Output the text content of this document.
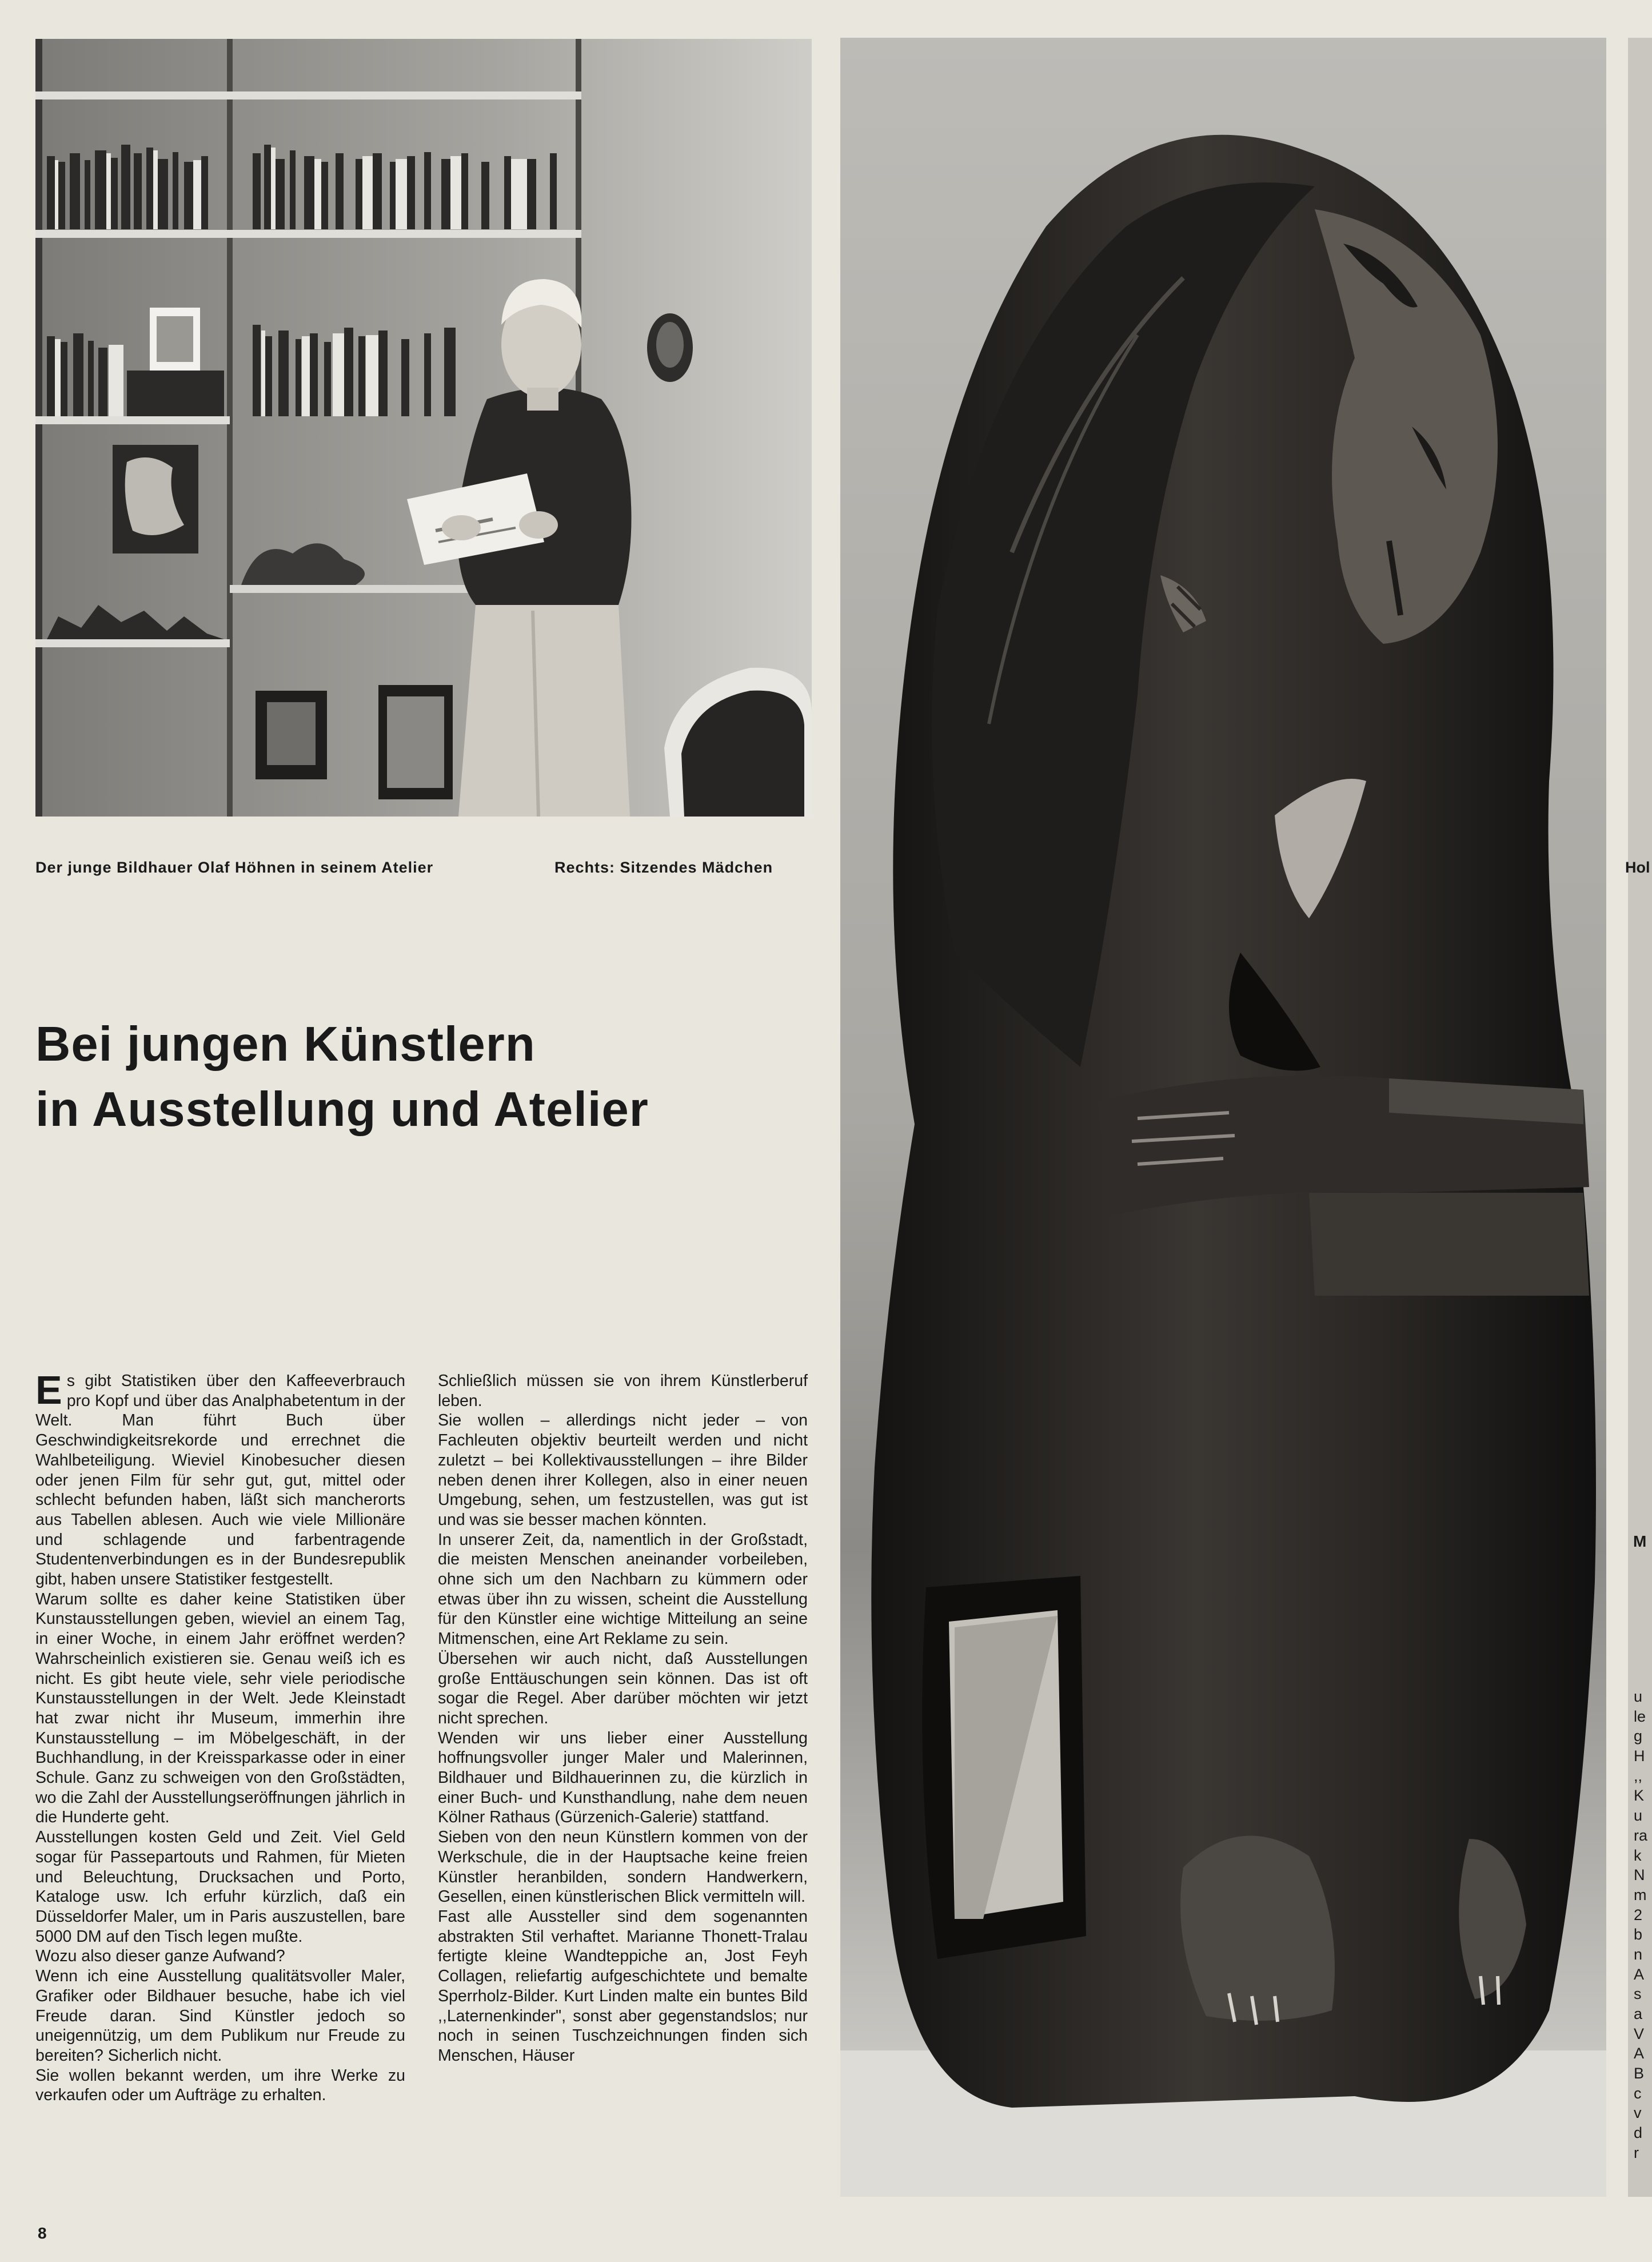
Der junge Bildhauer Olaf Höhnen in seinem Atelier	Rechts: Sitzendes Mädchen
Bei jungen Künstlern
in Ausstellung und Atelier

Es gibt Statistiken über den Kaffeeverbrauch pro Kopf und über das Analphabetentum in der Welt. Man führt Buch über Geschwindigkeitsrekorde und errechnet die Wahlbeteiligung. Wieviel Kinobesucher diesen oder jenen Film für sehr gut, gut, mittel oder schlecht befunden haben, läßt sich mancherorts aus Tabellen ablesen. Auch wie viele Millionäre und schlagende und farbentragende Studentenverbindungen es in der Bundesrepublik gibt, haben unsere Statistiker festgestellt.

Warum sollte es daher keine Statistiken über Kunstausstellungen geben, wieviel an einem Tag, in einer Woche, in einem Jahr eröffnet werden? Wahrscheinlich existieren sie. Genau weiß ich es nicht. Es gibt heute viele, sehr viele periodische Kunstausstellungen in der Welt. Jede Kleinstadt hat zwar nicht ihr Museum, immerhin ihre Kunstausstellung – im Möbelgeschäft, in der Buchhandlung, in der Kreissparkasse oder in einer Schule. Ganz zu schweigen von den Großstädten, wo die Zahl der Ausstellungseröffnungen jährlich in die Hunderte geht.

Ausstellungen kosten Geld und Zeit. Viel Geld sogar für Passepartouts und Rahmen, für Mieten und Beleuchtung, Drucksachen und Porto, Kataloge usw. Ich erfuhr kürzlich, daß ein Düsseldorfer Maler, um in Paris auszustellen, bare 5000 DM auf den Tisch legen mußte.

Wozu also dieser ganze Aufwand?

Wenn ich eine Ausstellung qualitätsvoller Maler, Grafiker oder Bildhauer besuche, habe ich viel Freude daran. Sind Künstler jedoch so uneigennützig, um dem Publikum nur Freude zu bereiten? Sicherlich nicht.

Sie wollen bekannt werden, um ihre Werke zu verkaufen oder um Aufträge zu erhalten.

Schließlich müssen sie von ihrem Künstlerberuf leben.

Sie wollen – allerdings nicht jeder – von Fachleuten objektiv beurteilt werden und nicht zuletzt – bei Kollektivausstellungen – ihre Bilder neben denen ihrer Kollegen, also in einer neuen Umgebung, sehen, um festzustellen, was gut ist und was sie besser machen könnten.

In unserer Zeit, da, namentlich in der Großstadt, die meisten Menschen aneinander vorbeileben, ohne sich um den Nachbarn zu kümmern oder etwas über ihn zu wissen, scheint die Ausstellung für den Künstler eine wichtige Mitteilung an seine Mitmenschen, eine Art Reklame zu sein.

Übersehen wir auch nicht, daß Ausstellungen große Enttäuschungen sein können. Das ist oft sogar die Regel. Aber darüber möchten wir jetzt nicht sprechen.

Wenden wir uns lieber einer Ausstellung hoffnungsvoller junger Maler und Malerinnen, Bildhauer und Bildhauerinnen zu, die kürzlich in einer Buch- und Kunsthandlung, nahe dem neuen Kölner Rathaus (Gürzenich-Galerie) stattfand.

Sieben von den neun Künstlern kommen von der Werkschule, die in der Hauptsache keine freien Künstler heranbilden, sondern Handwerkern, Gesellen, einen künstlerischen Blick vermitteln will.

Fast alle Aussteller sind dem sogenannten abstrakten Stil verhaftet. Marianne Thonett-Tralau fertigte kleine Wandteppiche an, Jost Feyh Collagen, reliefartig aufgeschichtete und bemalte Sperrholz-Bilder. Kurt Linden malte ein buntes Bild ,,Laternenkinder", sonst aber gegenstandslos; nur noch in seinen Tuschzeichnungen finden sich Menschen, Häuser

Hol
M
u
le
g
H
,,
K
u
ra
k
N
m
2
b
n
A
s
a
V
A
B
c
v
d
r
8
